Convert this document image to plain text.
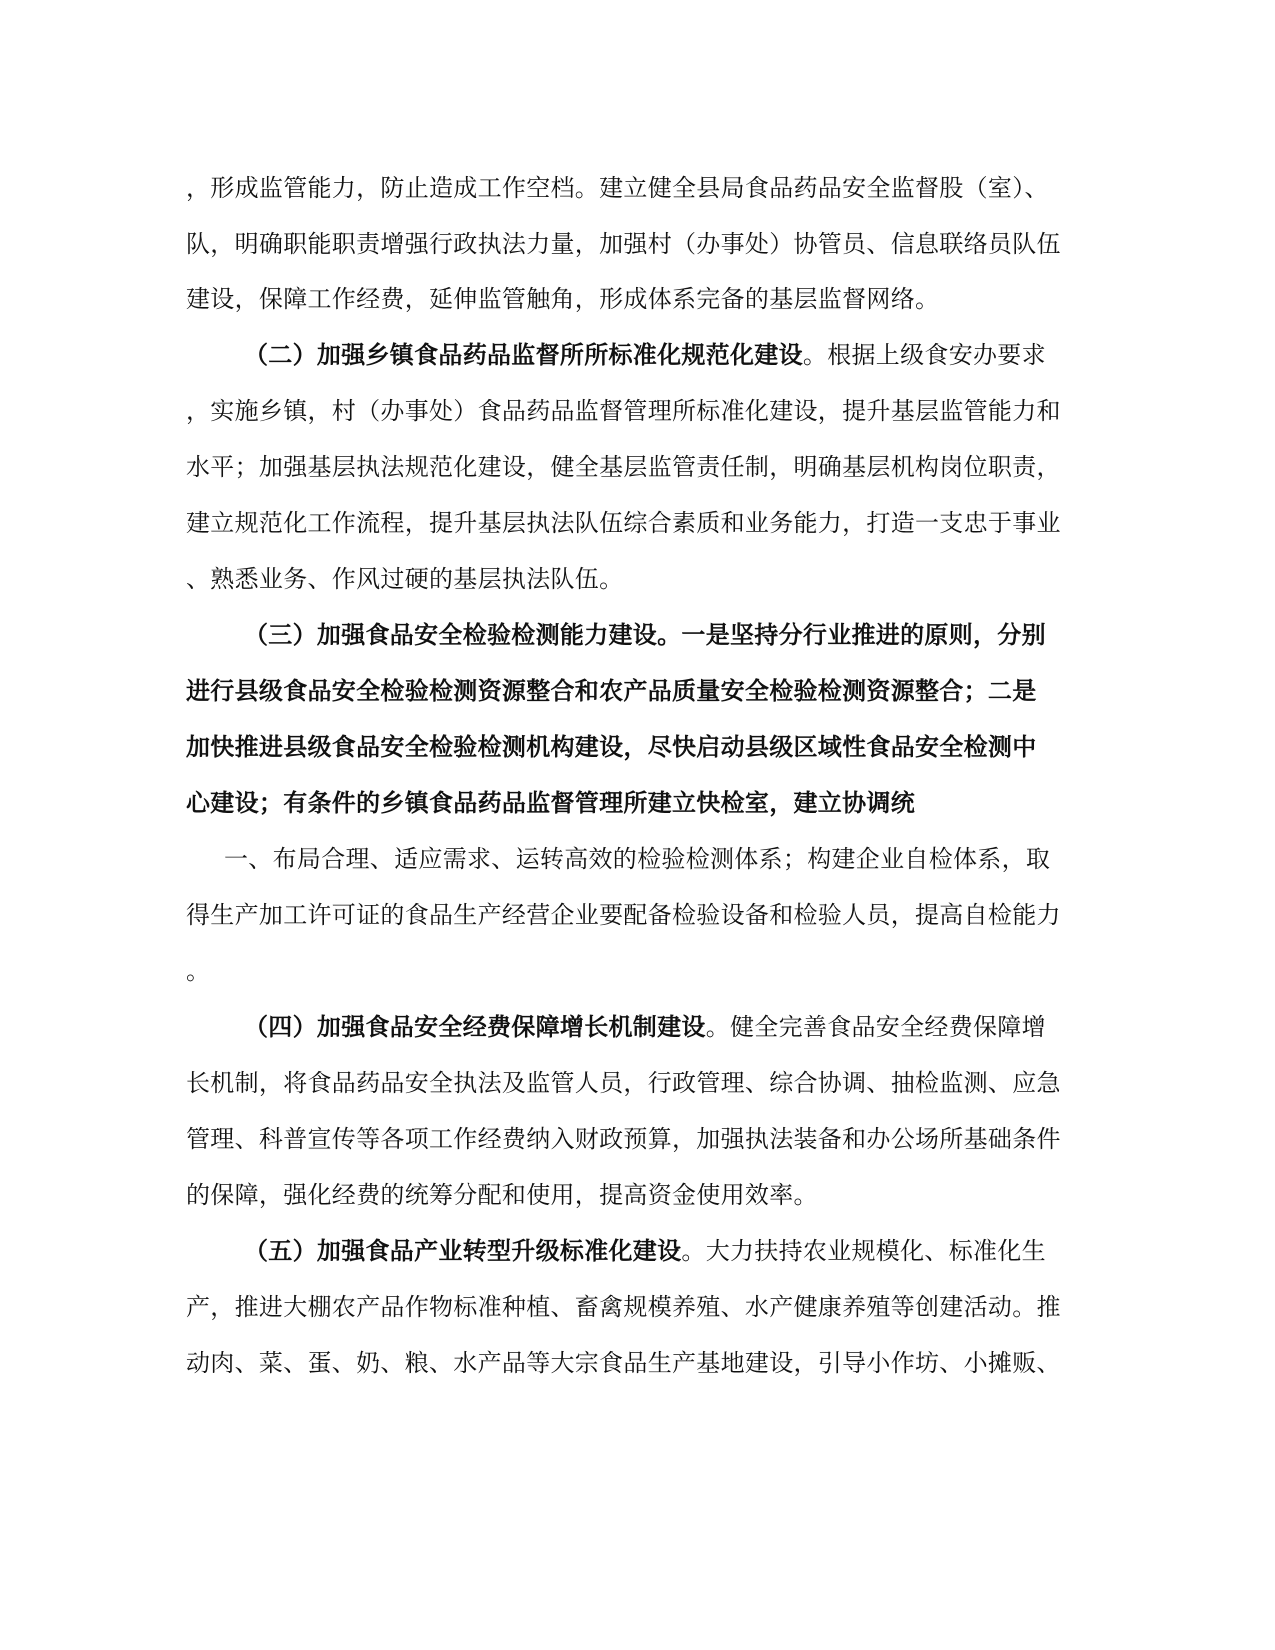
，形成监管能力，防止造成工作空档。建立健全县局食品药品安全监督股（室）、
队，明确职能职责增强行政执法力量，加强村（办事处）协管员、信息联络员队伍
建设，保障工作经费，延伸监管触角，形成体系完备的基层监督网络。
（二）加强乡镇食品药品监督所所标准化规范化建设。根据上级食安办要求
，实施乡镇，村（办事处）食品药品监督管理所标准化建设，提升基层监管能力和
水平；加强基层执法规范化建设，健全基层监管责任制，明确基层机构岗位职责，
建立规范化工作流程，提升基层执法队伍综合素质和业务能力，打造一支忠于事业
、熟悉业务、作风过硬的基层执法队伍。
（三）加强食品安全检验检测能力建设。一是坚持分行业推进的原则，分别
进行县级食品安全检验检测资源整合和农产品质量安全检验检测资源整合；二是
加快推进县级食品安全检验检测机构建设，尽快启动县级区域性食品安全检测中
心建设；有条件的乡镇食品药品监督管理所建立快检室，建立协调统
一、布局合理、适应需求、运转高效的检验检测体系；构建企业自检体系，取
得生产加工许可证的食品生产经营企业要配备检验设备和检验人员，提高自检能力
。
（四）加强食品安全经费保障增长机制建设。健全完善食品安全经费保障增
长机制，将食品药品安全执法及监管人员，行政管理、综合协调、抽检监测、应急
管理、科普宣传等各项工作经费纳入财政预算，加强执法装备和办公场所基础条件
的保障，强化经费的统筹分配和使用，提高资金使用效率。
（五）加强食品产业转型升级标准化建设。大力扶持农业规模化、标准化生
产，推进大棚农产品作物标准种植、畜禽规模养殖、水产健康养殖等创建活动。推
动肉、菜、蛋、奶、粮、水产品等大宗食品生产基地建设，引导小作坊、小摊贩、
